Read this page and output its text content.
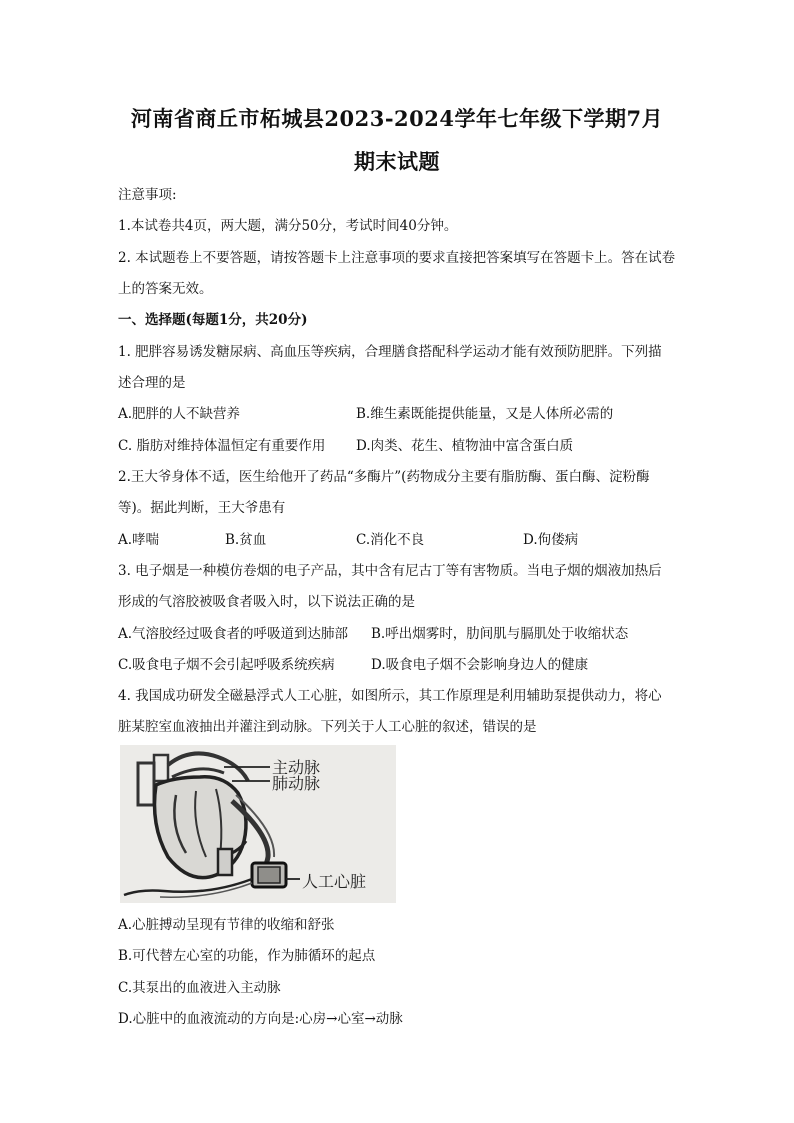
河南省商丘市柘城县2023-2024学年七年级下学期7月
期末试题
注意事项:
1.本试卷共4页，两大题，满分50分，考试时间40分钟。
2. 本试题卷上不要答题，请按答题卡上注意事项的要求直接把答案填写在答题卡上。答在试卷
上的答案无效。
一、选择题(每题1分，共20分)
1. 肥胖容易诱发糖尿病、高血压等疾病，合理膳食搭配科学运动才能有效预防肥胖。下列描
述合理的是
A.肥胖的人不缺营养	B.维生素既能提供能量，又是人体所必需的
C. 脂肪对维持体温恒定有重要作用 D.肉类、花生、植物油中富含蛋白质
2.王大爷身体不适，医生给他开了药品“多酶片”(药物成分主要有脂肪酶、蛋白酶、淀粉酶
等)。据此判断，王大爷患有
A.哮喘	B.贫血	C.消化不良	D.佝偻病
3. 电子烟是一种模仿卷烟的电子产品，其中含有尼古丁等有害物质。当电子烟的烟液加热后
形成的气溶胶被吸食者吸入时，以下说法正确的是
A.气溶胶经过吸食者的呼吸道到达肺部 B.呼出烟雾时，肋间肌与膈肌处于收缩状态
C.吸食电子烟不会引起呼吸系统疾病	D.吸食电子烟不会影响身边人的健康
4. 我国成功研发全磁悬浮式人工心脏，如图所示，其工作原理是利用辅助泵提供动力，将心
脏某腔室血液抽出并灌注到动脉。下列关于人工心脏的叙述，错误的是
主动脉
肺动脉
人工心脏
A.心脏搏动呈现有节律的收缩和舒张
B.可代替左心室的功能，作为肺循环的起点
C.其泵出的血液进入主动脉
D.心脏中的血液流动的方向是:心房→心室→动脉
